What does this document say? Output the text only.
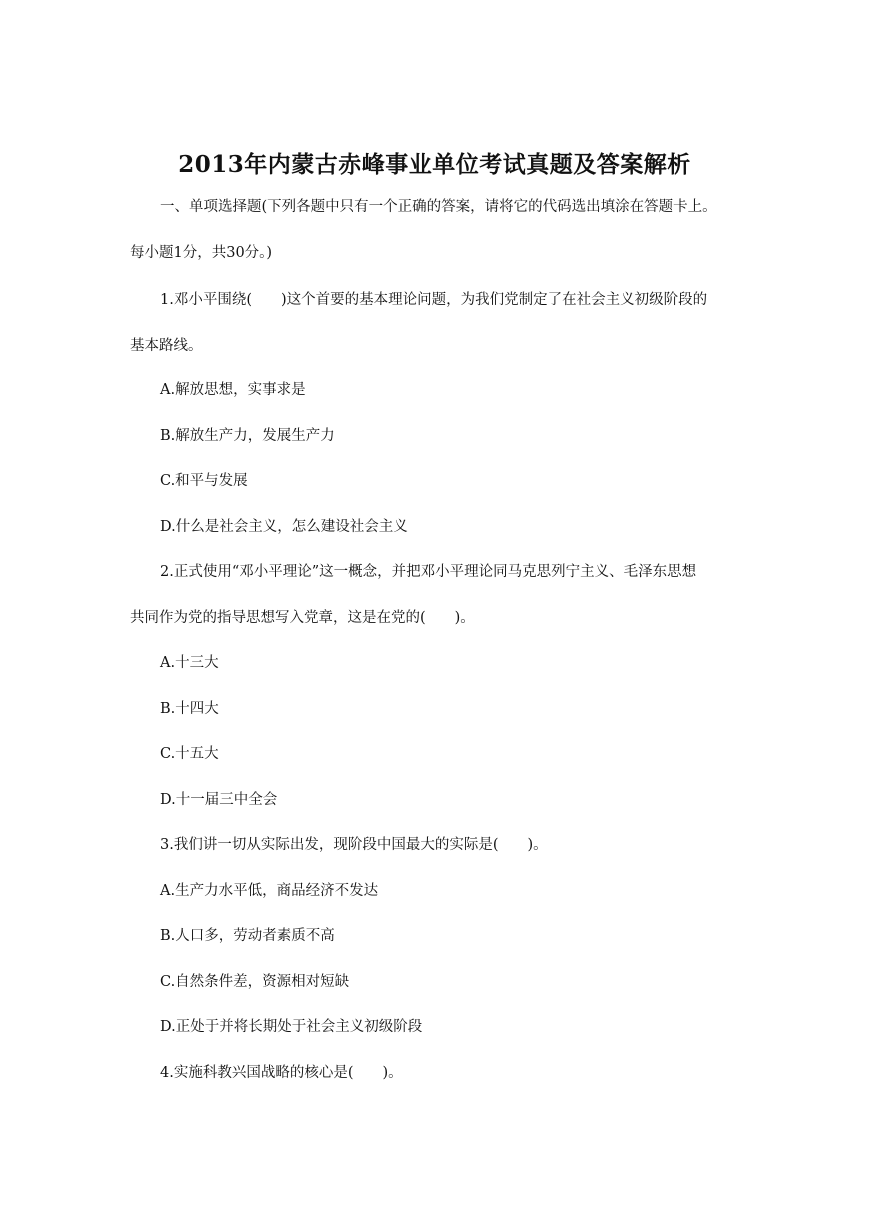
2013年内蒙古赤峰事业单位考试真题及答案解析

一、单项选择题(下列各题中只有一个正确的答案，请将它的代码选出填涂在答题卡上。

每小题1分，共30分。)

1.邓小平围绕(　　)这个首要的基本理论问题，为我们党制定了在社会主义初级阶段的

基本路线。

A.解放思想，实事求是

B.解放生产力，发展生产力

C.和平与发展

D.什么是社会主义，怎么建设社会主义

2.正式使用“邓小平理论”这一概念，并把邓小平理论同马克思列宁主义、毛泽东思想

共同作为党的指导思想写入党章，这是在党的(　　)。

A.十三大

B.十四大

C.十五大

D.十一届三中全会

3.我们讲一切从实际出发，现阶段中国最大的实际是(　　)。

A.生产力水平低，商品经济不发达

B.人口多，劳动者素质不高

C.自然条件差，资源相对短缺

D.正处于并将长期处于社会主义初级阶段

4.实施科教兴国战略的核心是(　　)。
